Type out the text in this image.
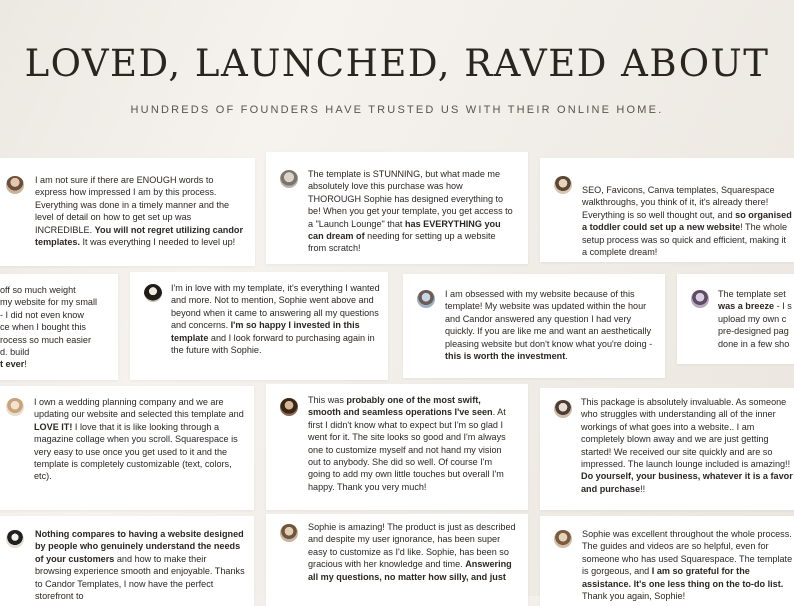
LOVED, LAUNCHED, RAVED ABOUT
HUNDREDS OF FOUNDERS HAVE TRUSTED US WITH THEIR ONLINE HOME.
I am not sure if there are ENOUGH words to express how impressed I am by this process. Everything was done in a timely manner and the level of detail on how to get set up was INCREDIBLE. You will not regret utilizing candor templates. It was everything I needed to level up!
The template is STUNNING, but what made me absolutely love this purchase was how THOROUGH Sophie has designed everything to be! When you get your template, you get access to a "Launch Lounge" that has EVERYTHING you can dream of needing for setting up a website from scratch!
SEO, Favicons, Canva templates, Squarespace walkthroughs, you think of it, it's already there! Everything is so well thought out, and so organised a toddler could set up a new website! The whole setup process was so quick and efficient, making it a complete dream!
off so much weight
my website for my small
- I did not even know
ce when I bought this
rocess so much easier
d. build
t ever!
I'm in love with my template, it's everything I wanted and more. Not to mention, Sophie went above and beyond when it came to answering all my questions and concerns. I'm so happy I invested in this template and I look forward to purchasing again in the future with Sophie.
I am obsessed with my website because of this template! My website was updated within the hour and Candor answered any question I had very quickly. If you are like me and want an aesthetically pleasing website but don't know what you're doing - this is worth the investment.
The template set
was a breeze - I s
upload my own c
pre-designed pag
done in a few sho
I own a wedding planning company and we are updating our website and selected this template and LOVE IT! I love that it is like looking through a magazine collage when you scroll. Squarespace is very easy to use once you get used to it and the template is completely customizable (text, colors, etc).
This was probably one of the most swift, smooth and seamless operations I've seen. At first I didn't know what to expect but I'm so glad I went for it. The site looks so good and I'm always one to customize myself and not hand my vision out to anybody. She did so well. Of course I'm going to add my own little touches but overall I'm happy. Thank you very much!
This package is absolutely invaluable. As someone who struggles with understanding all of the inner workings of what goes into a website.. I am completely blown away and we are just getting started! We received our site quickly and are so impressed. The launch lounge included is amazing!! Do yourself, your business, whatever it is a favor and purchase!!
Nothing compares to having a website designed by people who genuinely understand the needs of your customers and how to make their browsing experience smooth and enjoyable. Thanks to Candor Templates, I now have the perfect storefront to
Sophie is amazing! The product is just as described and despite my user ignorance, has been super easy to customize as I'd like. Sophie, has been so gracious with her knowledge and time. Answering all my questions, no matter how silly, and just
Sophie was excellent throughout the whole process. The guides and videos are so helpful, even for someone who has used Squarespace. The template is gorgeous, and I am so grateful for the assistance. It's one less thing on the to-do list. Thank you again, Sophie!
